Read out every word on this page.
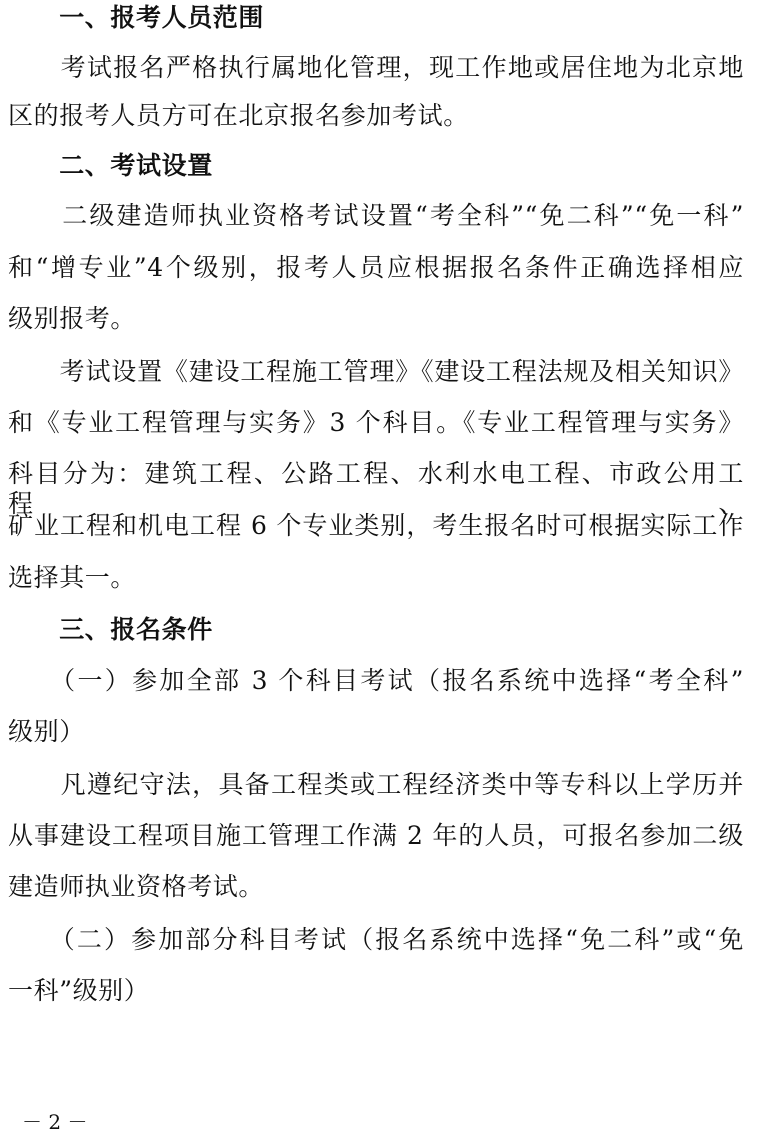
　　一、报考人员范围
　　考试报名严格执行属地化管理，现工作地或居住地为北京地
区的报考人员方可在北京报名参加考试。
　　二、考试设置
　　二级建造师执业资格考试设置“考全科”“免二科”“免一科”
和“增专业”4个级别，报考人员应根据报名条件正确选择相应
级别报考。
　　考试设置《建设工程施工管理》《建设工程法规及相关知识》
和《专业工程管理与实务》3 个科目。《专业工程管理与实务》
科目分为：建筑工程、公路工程、水利水电工程、市政公用工程、
矿业工程和机电工程 6 个专业类别，考生报名时可根据实际工作
选择其一。
　　三、报名条件
　　（一）参加全部 3 个科目考试（报名系统中选择“考全科”
级别）
　　凡遵纪守法，具备工程类或工程经济类中等专科以上学历并
从事建设工程项目施工管理工作满 2 年的人员，可报名参加二级
建造师执业资格考试。
　　（二）参加部分科目考试（报名系统中选择“免二科”或“免
一科”级别）
－ 2 －
